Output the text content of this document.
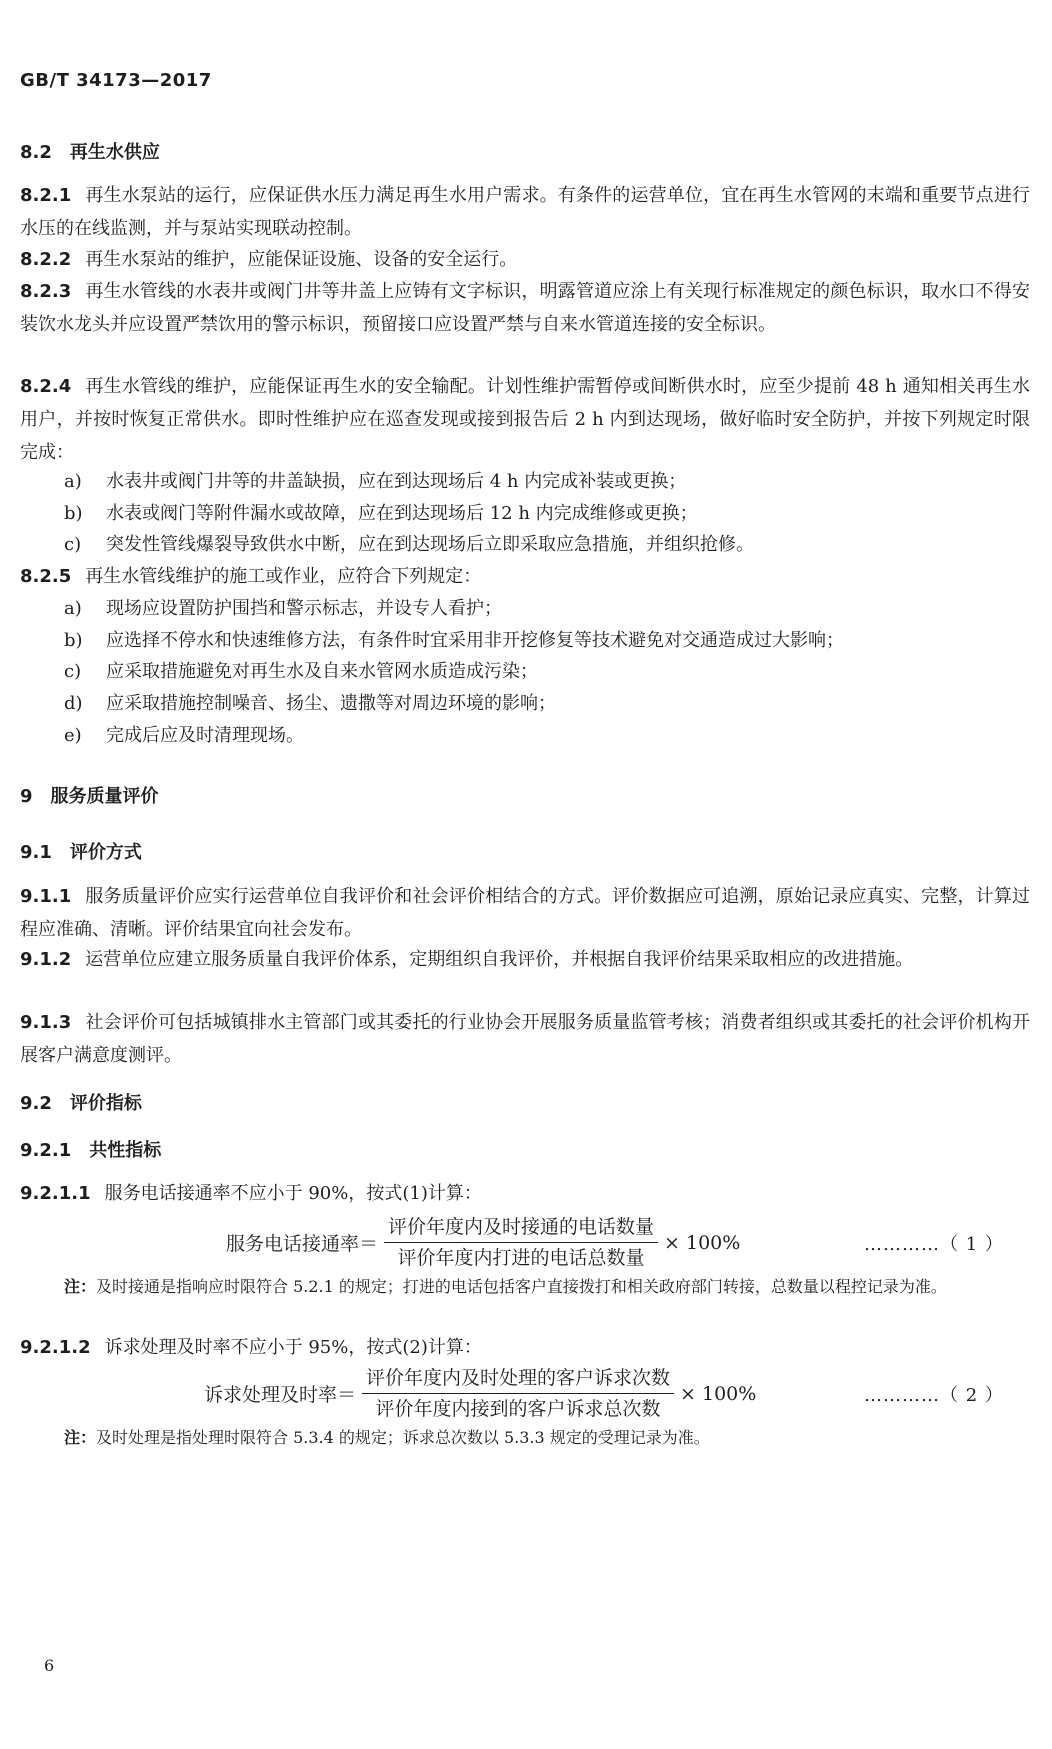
GB/T 34173—2017
8.2 再生水供应
8.2.1 再生水泵站的运行，应保证供水压力满足再生水用户需求。有条件的运营单位，宜在再生水管网的末端和重要节点进行水压的在线监测，并与泵站实现联动控制。
8.2.2 再生水泵站的维护，应能保证设施、设备的安全运行。
8.2.3 再生水管线的水表井或阀门井等井盖上应铸有文字标识，明露管道应涂上有关现行标准规定的颜色标识，取水口不得安装饮水龙头并应设置严禁饮用的警示标识，预留接口应设置严禁与自来水管道连接的安全标识。
8.2.4 再生水管线的维护，应能保证再生水的安全输配。计划性维护需暂停或间断供水时，应至少提前 48 h 通知相关再生水用户，并按时恢复正常供水。即时性维护应在巡查发现或接到报告后 2 h 内到达现场，做好临时安全防护，并按下列规定时限完成：
a) 水表井或阀门井等的井盖缺损，应在到达现场后 4 h 内完成补装或更换；
b) 水表或阀门等附件漏水或故障，应在到达现场后 12 h 内完成维修或更换；
c) 突发性管线爆裂导致供水中断，应在到达现场后立即采取应急措施，并组织抢修。
8.2.5 再生水管线维护的施工或作业，应符合下列规定：
a) 现场应设置防护围挡和警示标志，并设专人看护；
b) 应选择不停水和快速维修方法，有条件时宜采用非开挖修复等技术避免对交通造成过大影响；
c) 应采取措施避免对再生水及自来水管网水质造成污染；
d) 应采取措施控制噪音、扬尘、遗撒等对周边环境的影响；
e) 完成后应及时清理现场。
9 服务质量评价
9.1 评价方式
9.1.1 服务质量评价应实行运营单位自我评价和社会评价相结合的方式。评价数据应可追溯，原始记录应真实、完整，计算过程应准确、清晰。评价结果宜向社会发布。
9.1.2 运营单位应建立服务质量自我评价体系，定期组织自我评价，并根据自我评价结果采取相应的改进措施。
9.1.3 社会评价可包括城镇排水主管部门或其委托的行业协会开展服务质量监管考核；消费者组织或其委托的社会评价机构开展客户满意度测评。
9.2 评价指标
9.2.1 共性指标
9.2.1.1 服务电话接通率不应小于 90%，按式(1)计算：
服务电话接通率＝ $\frac{\text{评价年度内及时接通的电话数量}}{\text{评价年度内打进的电话总数量}} \times 100\%$	…………（ 1 ）
注：及时接通是指响应时限符合 5.2.1 的规定；打进的电话包括客户直接拨打和相关政府部门转接，总数量以程控记录为准。
9.2.1.2 诉求处理及时率不应小于 95%，按式(2)计算：
诉求处理及时率＝ $\frac{\text{评价年度内及时处理的客户诉求次数}}{\text{评价年度内接到的客户诉求总次数}} \times 100\%$	…………（ 2 ）
注：及时处理是指处理时限符合 5.3.4 的规定；诉求总次数以 5.3.3 规定的受理记录为准。
6
